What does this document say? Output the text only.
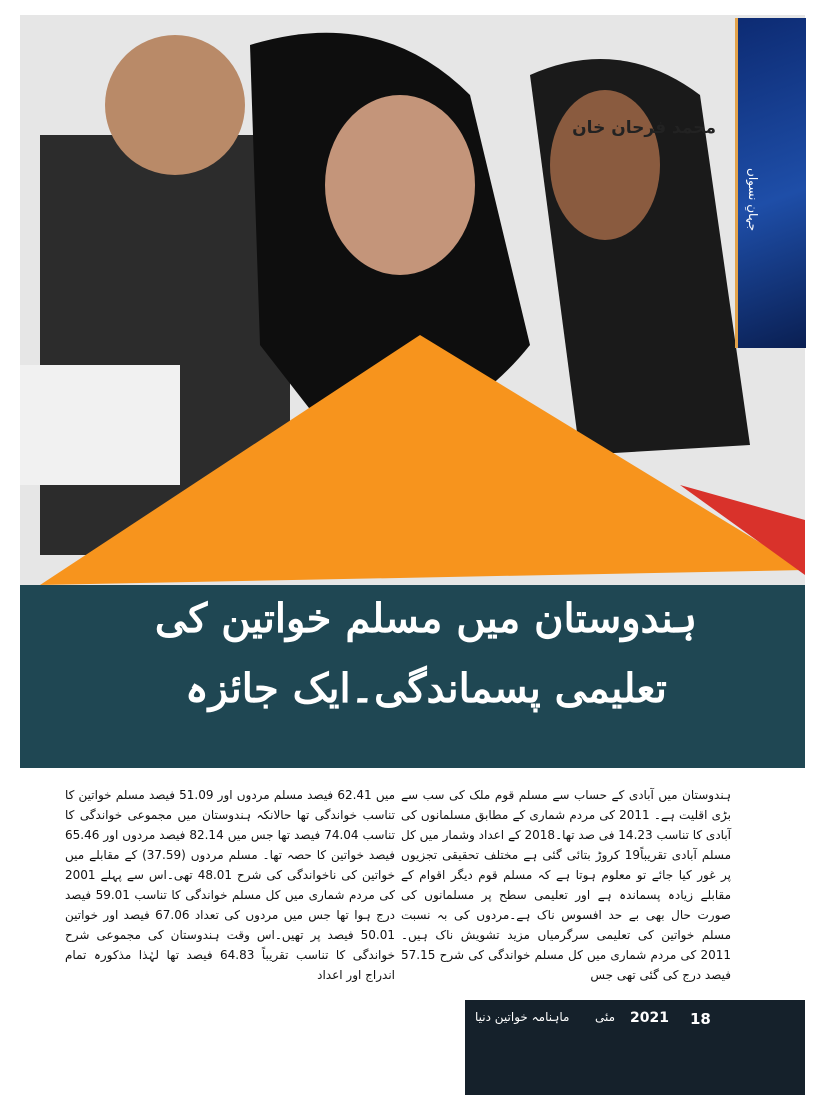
محمد فرحان خان
جہانِ نسواں
ہندوستان میں مسلم خواتین کی
تعلیمی پسماندگی۔ایک جائزہ
ہندوستان میں آبادی کے حساب سے مسلم قوم ملک کی سب سے بڑی اقلیت ہے۔ 2011 کی مردم شماری کے مطابق مسلمانوں کی آبادی کا تناسب 14.23 فی صد تھا۔2018 کے اعداد وشمار میں کل مسلم آبادی تقریباً19 کروڑ بتائی گئی ہے مختلف تحقیقی تجزیوں پر غور کیا جائے تو معلوم ہوتا ہے کہ مسلم قوم دیگر اقوام کے مقابلے زیادہ پسماندہ ہے اور تعلیمی سطح پر مسلمانوں کی صورت حال بھی بے حد افسوس ناک ہے۔مردوں کی بہ نسبت مسلم خواتین کی تعلیمی سرگرمیاں مزید تشویش ناک ہیں۔2011 کی مردم شماری میں کل مسلم خواندگی کی شرح 57.15 فیصد درج کی گئی تھی جس
میں 62.41 فیصد مسلم مردوں اور 51.09 فیصد مسلم خواتین کا تناسب خواندگی تھا حالانکہ ہندوستان میں مجموعی خواندگی کا تناسب 74.04 فیصد تھا جس میں 82.14 فیصد مردوں اور 65.46 فیصد خواتین کا حصہ تھا۔ مسلم مردوں (37.59) کے مقابلے میں خواتین کی ناخواندگی کی شرح 48.01 تھی۔اس سے پہلے 2001 کی مردم شماری میں کل مسلم خواندگی کا تناسب 59.01 فیصد درج ہوا تھا جس میں مردوں کی تعداد 67.06 فیصد اور خواتین 50.01 فیصد پر تھیں۔اس وقت ہندوستان کی مجموعی شرح خواندگی کا تناسب تقریباً 64.83 فیصد تھا لہٰذا مذکورہ تمام اندراج اور اعداد
18
2021
مئی
ماہنامہ خواتین دنیا
